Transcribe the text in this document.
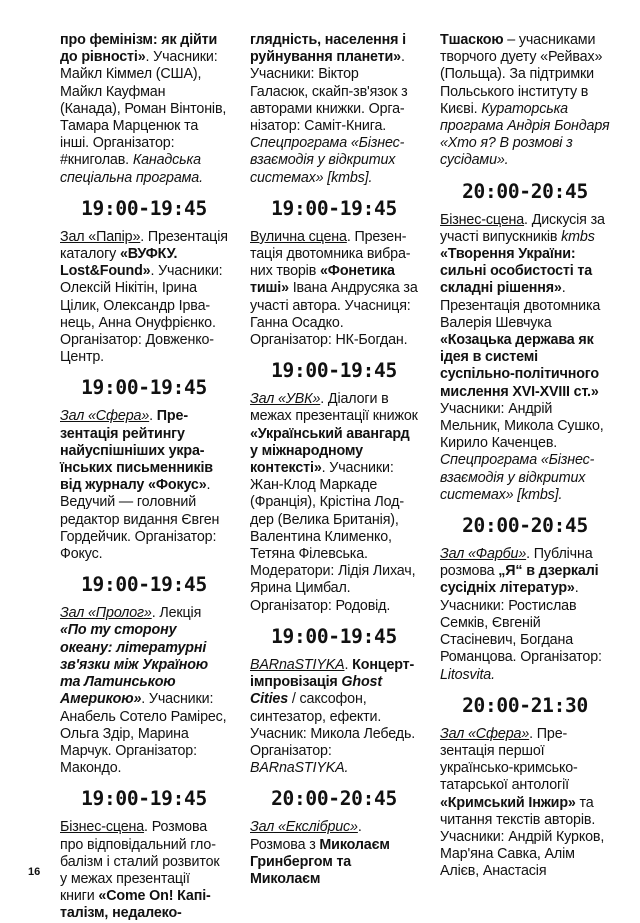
про фемінізм: як дійти до рівності». Учасники: Майкл Кіммел (США), Майкл Кауфман (Канада), Роман Вінтонів, Тамара Марценюк та інші. Організатор: #книголав. Канадська спеціальна програма.

19:00-19:45

Зал «Папір». Презентація каталогу «ВУФКУ. Lost&Found». Учасники: Олексій Нікітін, Ірина Цілик, Олександр Ірванець, Анна Онуфрієнко. Організатор: Довженко-Центр.

19:00-19:45

Зал «Сфера». Презентація рейтингу найуспішніших українських письменників від журналу «Фокус». Ведучий — головний редактор видання Євген Гордейчик. Організатор: Фокус.

19:00-19:45

Зал «Пролог». Лекція «По ту сторону океану: літературні зв'язки між Україною та Латинською Америкою». Учасники: Анабель Сотело Рамірес, Ольга Здір, Марина Марчук. Організатор: Макондо.

19:00-19:45

Бізнес-сцена. Розмова про відповідальний глобалізм і сталий розвиток у межах презентації книги «Come On! Капіталізм, недалеко-

глядність, населення і руйнування планети». Учасники: Віктор Галасюк, скайп-зв'язок з авторами книжки. Організатор: Саміт-Книга. Спецпрограма «Бізнес-взаємодія у відкритих системах» [kmbs].

19:00-19:45

Вулична сцена. Презентація двотомника вибраних творів «Фонетика тиші» Івана Андрусяка за участі автора. Учасниця: Ганна Осадко. Організатор: НК-Богдан.

19:00-19:45

Зал «УВК». Діалоги в межах презентації книжок «Український авангард у міжнародному контексті». Учасники: Жан-Клод Маркаде (Франція), Крістіна Лоддер (Велика Британія), Валентина Клименко, Тетяна Філевська. Модератори: Лідія Лихач, Ярина Цимбал. Організатор: Родовід.

19:00-19:45

BARnaSTIYKA. Концерт-імпровізація Ghost Cities / саксофон, синтезатор, ефекти. Учасник: Микола Лебедь. Організатор: BARnaSTIYKA.

20:00-20:45

Зал «Екслібрис». Розмова з Миколаєм Гринбергом та Миколаєм

Тшаскою – учасниками творчого дуету «Рейвах» (Польща). За підтримки Польського інституту в Києві. Кураторська програма Андрія Бондаря «Хто я? В розмові з сусідами».

20:00-20:45

Бізнес-сцена. Дискусія за участі випускників kmbs «Творення України: сильні особистості та складні рішення». Презентація двотомника Валерія Шевчука «Козацька держава як ідея в системі суспільно-політичного мислення XVI-XVIII ст.» Учасники: Андрій Мельник, Микола Сушко, Кирило Каченцев. Спецпрограма «Бізнес-взаємодія у відкритих системах» [kmbs].

20:00-20:45

Зал «Фарби». Публічна розмова „Я“ в дзеркалі сусідніх літератур». Учасники: Ростислав Семків, Євгеній Стасіневич, Богдана Романцова. Організатор: Litosvita.

20:00-21:30

Зал «Сфера». Презентація першої українсько-кримськотатарської антології «Кримський Інжир» та читання текстів авторів. Учасники: Андрій Курков, Мар'яна Савка, Алім Алієв, Анастасія

16
